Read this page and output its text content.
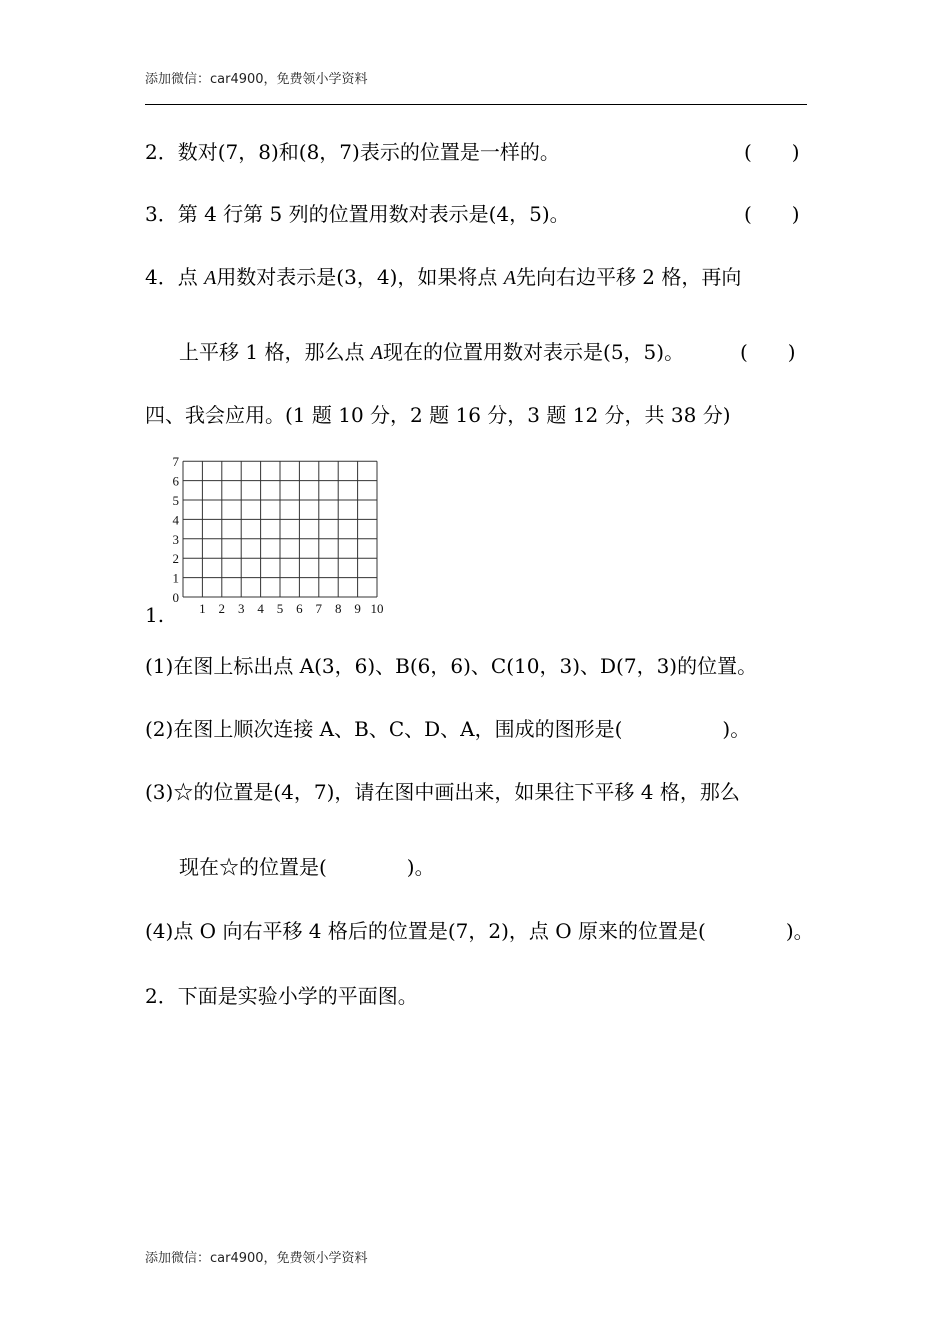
添加微信：car4900，免费领小学资料
2．数对(7，8)和(8，7)表示的位置是一样的。	(　　)
3．第 4 行第 5 列的位置用数对表示是(4，5)。	(　　)
4．点 A用数对表示是(3，4)，如果将点 A先向右边平移 2 格，再向
上平移 1 格，那么点 A现在的位置用数对表示是(5，5)。	(　　)
四、我会应用。(1 题 10 分，2 题 16 分，3 题 12 分，共 38 分)
1 2 3 4 5 6 7 8 9 10
1
2
3
4
5
6
7
0
1.
(1)在图上标出点 A(3，6)、B(6，6)、C(10，3)、D(7，3)的位置。
(2)在图上顺次连接 A、B、C、D、A，围成的图形是(　　　　　)。
(3)☆的位置是(4，7)，请在图中画出来，如果往下平移 4 格，那么
现在☆的位置是(　　　　)。
(4)点 O 向右平移 4 格后的位置是(7，2)，点 O 原来的位置是(　　　　)。
2．下面是实验小学的平面图。
添加微信：car4900，免费领小学资料
